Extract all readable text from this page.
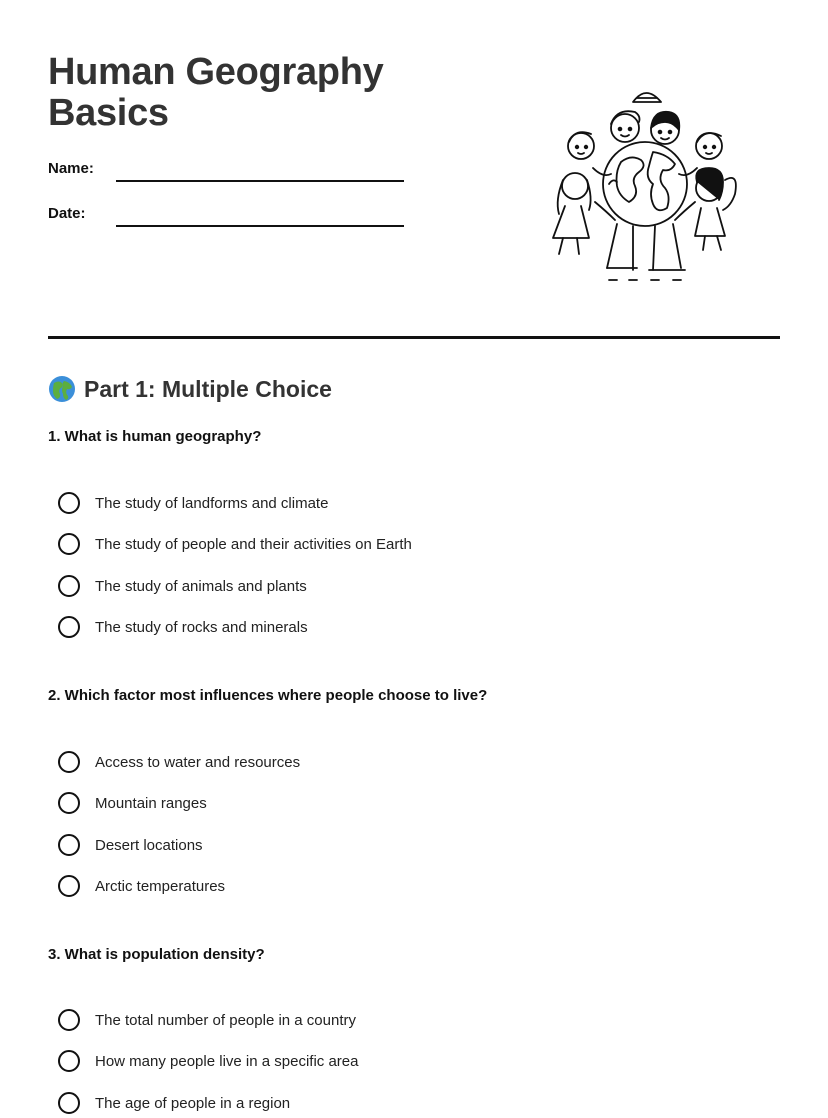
Human Geography
Basics
Name:
Date:
Part 1: Multiple Choice
1. What is human geography?
The study of landforms and climate
The study of people and their activities on Earth
The study of animals and plants
The study of rocks and minerals
2. Which factor most influences where people choose to live?
Access to water and resources
Mountain ranges
Desert locations
Arctic temperatures
3. What is population density?
The total number of people in a country
How many people live in a specific area
The age of people in a region
